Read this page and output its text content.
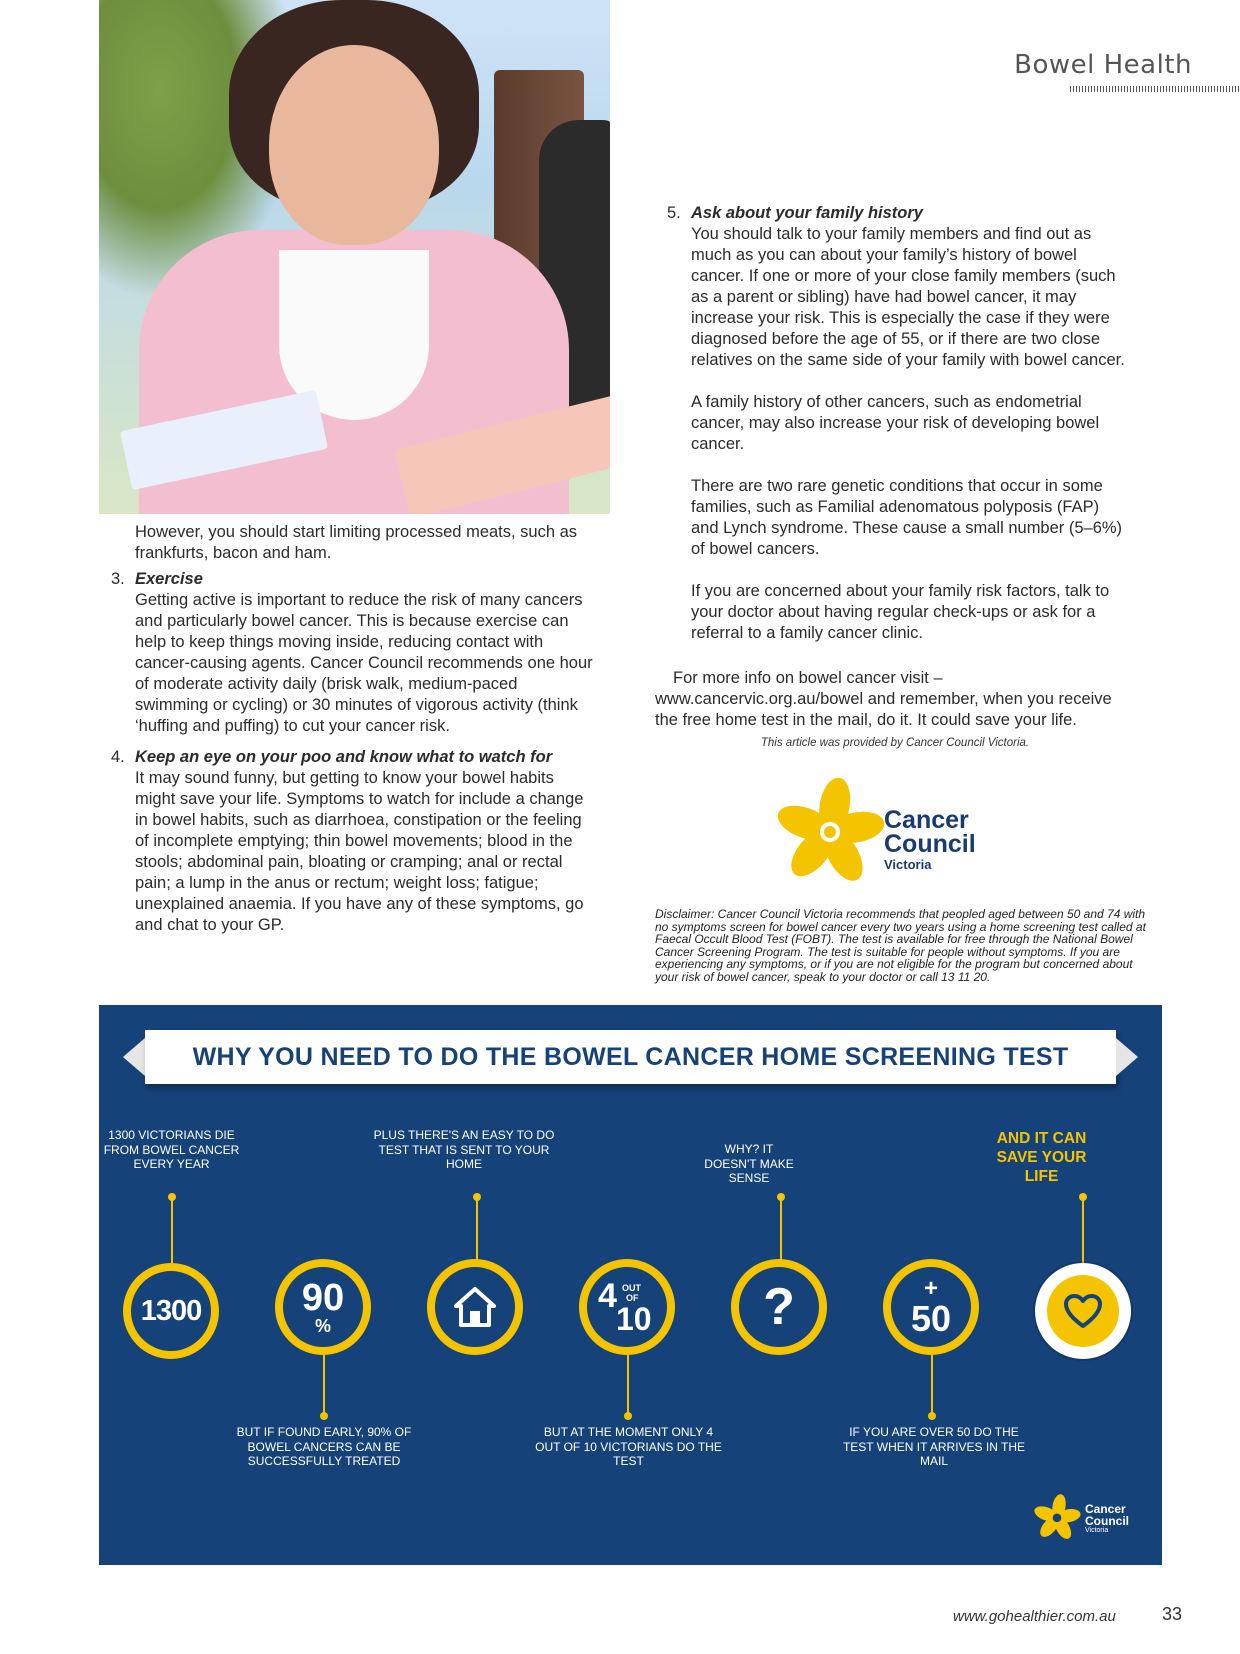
Bowel Health

However, you should start limiting processed meats, such as frankfurts, bacon and ham.

3. Exercise

Getting active is important to reduce the risk of many cancers and particularly bowel cancer. This is because exercise can help to keep things moving inside, reducing contact with cancer-causing agents. Cancer Council recommends one hour of moderate activity daily (brisk walk, medium-paced swimming or cycling) or 30 minutes of vigorous activity (think ‘huffing and puffing) to cut your cancer risk.

4. Keep an eye on your poo and know what to watch for

It may sound funny, but getting to know your bowel habits might save your life. Symptoms to watch for include a change in bowel habits, such as diarrhoea, constipation or the feeling of incomplete emptying; thin bowel movements; blood in the stools; abdominal pain, bloating or cramping; anal or rectal pain; a lump in the anus or rectum; weight loss; fatigue; unexplained anaemia. If you have any of these symptoms, go and chat to your GP.

5. Ask about your family history

You should talk to your family members and find out as much as you can about your family’s history of bowel cancer. If one or more of your close family members (such as a parent or sibling) have had bowel cancer, it may increase your risk. This is especially the case if they were diagnosed before the age of 55, or if there are two close relatives on the same side of your family with bowel cancer.

A family history of other cancers, such as endometrial cancer, may also increase your risk of developing bowel cancer.

There are two rare genetic conditions that occur in some families, such as Familial adenomatous polyposis (FAP) and Lynch syndrome. These cause a small number (5–6%) of bowel cancers.

If you are concerned about your family risk factors, talk to your doctor about having regular check-ups or ask for a referral to a family cancer clinic.

For more info on bowel cancer visit – www.cancervic.org.au/bowel and remember, when you receive the free home test in the mail, do it. It could save your life.
This article was provided by Cancer Council Victoria.
Cancer
Council
Victoria
Disclaimer: Cancer Council Victoria recommends that peopled aged between 50 and 74 with no symptoms screen for bowel cancer every two years using a home screening test called at Faecal Occult Blood Test (FOBT). The test is available for free through the National Bowel Cancer Screening Program. The test is suitable for people without symptoms. If you are experiencing any symptoms, or if you are not eligible for the program but concerned about your risk of bowel cancer, speak to your doctor or call 13 11 20.
WHY YOU NEED TO DO THE BOWEL CANCER HOME SCREENING TEST
1300 VICTORIANS DIE FROM BOWEL CANCER EVERY YEAR
PLUS THERE'S AN EASY TO DO TEST THAT IS SENT TO YOUR HOME
WHY? IT DOESN'T MAKE SENSE
AND IT CAN SAVE YOUR LIFE
1300	90
%
4 OUT
OF
10 ?	+
50
BUT IF FOUND EARLY, 90% OF BOWEL CANCERS CAN BE SUCCESSFULLY TREATED
BUT AT THE MOMENT ONLY 4 OUT OF 10 VICTORIANS DO THE TEST
IF YOU ARE OVER 50 DO THE TEST WHEN IT ARRIVES IN THE MAIL
Cancer
Council
Victoria
www.gohealthier.com.au	33
